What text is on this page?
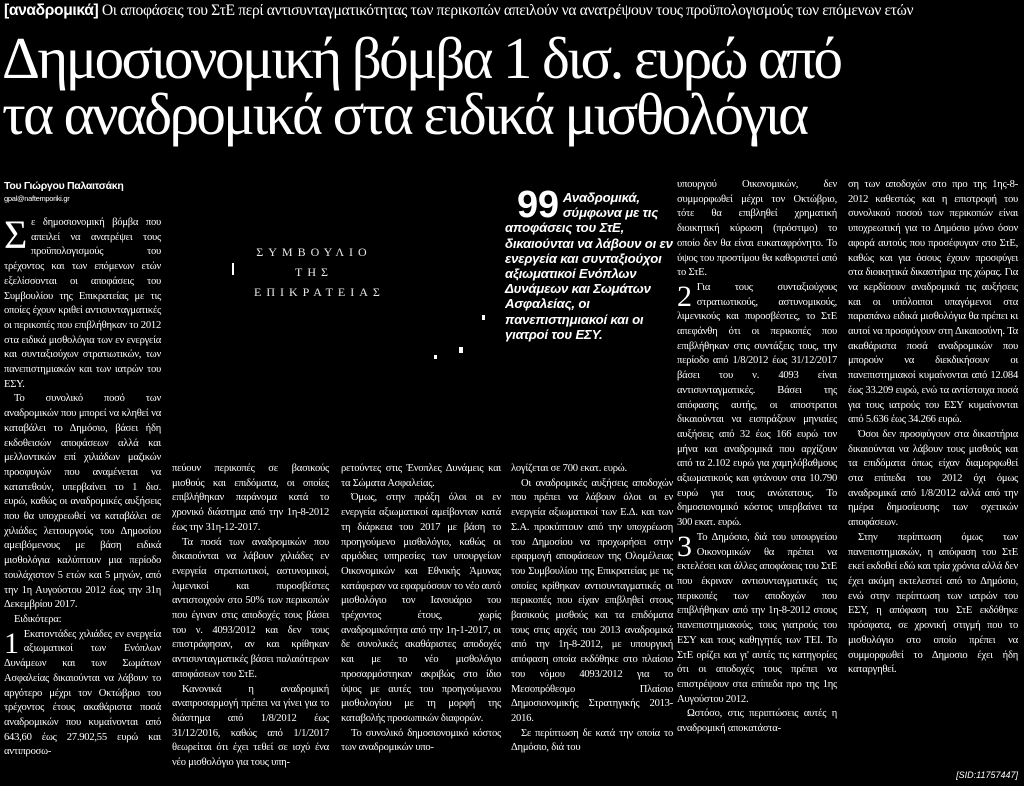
[αναδρομικά] Οι αποφάσεις του ΣτΕ περί αντισυνταγματικότητας των περικοπών απειλούν να ανατρέψουν τους προϋπολογισμούς των επόμενων ετών
Δημοσιονομική βόμβα 1 δισ. ευρώ από
τα αναδρομικά στα ειδικά μισθολόγια
Του Γιώργου Παλαιτσάκη
gpal@naftemporiki.gr
Σ ε δημοσιονομική βόμβα που απειλεί να ανατρέψει τους προϋπολογισμούς του τρέχοντος και των επόμενων ετών εξελίσσονται οι αποφάσεις του Συμβουλίου της Επικρατείας με τις οποίες έχουν κριθεί αντισυνταγματικές οι περικοπές που επιβλήθηκαν το 2012 στα ειδικά μισθολόγια των εν ενεργεία και συνταξιούχων στρατιωτικών, των πανεπιστημιακών και των ιατρών του ΕΣΥ.

Το συνολικό ποσό των αναδρομικών που μπορεί να κληθεί να καταβάλει το Δημόσιο, βάσει ήδη εκδοθεισών αποφάσεων αλλά και μελλοντικών επί χιλιάδων μαζικών προσφυγών που αναμένεται να κατατεθούν, υπερβαίνει το 1 δισ. ευρώ, καθώς οι αναδρομικές αυξήσεις που θα υποχρεωθεί να καταβάλει σε χιλιάδες λειτουργούς του Δημοσίου αμειβόμενους με βάση ειδικά μισθολόγια καλύπτουν μια περίοδο τουλάχιστον 5 ετών και 5 μηνών, από την 1η Αυγούστου 2012 έως την 31η Δεκεμβρίου 2017.

Ειδικότερα:

1 Εκατοντάδες χιλιάδες εν ενεργεία αξιωματικοί των Ενόπλων Δυνάμεων και των Σωμάτων Ασφαλείας δικαιούνται να λάβουν το αργότερο μέχρι τον Οκτώβριο του τρέχοντος έτους ακαθάριστα ποσά αναδρομικών που κυμαίνονται από 643,60 έως 27.902,55 ευρώ και αντιπροσω-

ΣΥΜΒΟΥΛΙΟ
ΤΗΣ
ΕΠΙΚΡΑΤΕΙΑΣ
99 Αναδρομικά, σύμφωνα με τις αποφάσεις του ΣτΕ, δικαιούνται να λάβουν οι εν ενεργεία και συνταξιούχοι αξιωματικοί Ενόπλων Δυνάμεων και Σωμάτων Ασφαλείας, οι πανεπιστημιακοί και οι γιατροί του ΕΣΥ.

πεύουν περικοπές σε βασικούς μισθούς και επιδόματα, οι οποίες επιβλήθηκαν παράνομα κατά το χρονικό διάστημα από την 1η-8-2012 έως την 31η-12-2017.

Τα ποσά των αναδρομικών που δικαιούνται να λάβουν χιλιάδες εν ενεργεία στρατιωτικοί, αστυνομικοί, λιμενικοί και πυροσβέστες αντιστοιχούν στο 50% των περικοπών που έγιναν στις αποδοχές τους βάσει του ν. 4093/2012 και δεν τους επιστράφησαν, αν και κρίθηκαν αντισυνταγματικές βάσει παλαιότερων αποφάσεων του ΣτΕ.

Κανονικά η αναδρομική αναπροσαρμογή πρέπει να γίνει για το διάστημα από 1/8/2012 έως 31/12/2016, καθώς από 1/1/2017 θεωρείται ότι έχει τεθεί σε ισχύ ένα νέο μισθολόγιο για τους υπη-

ρετούντες στις Ένοπλες Δυνάμεις και τα Σώματα Ασφαλείας.

Όμως, στην πράξη όλοι οι εν ενεργεία αξιωματικοί αμείβονταν κατά τη διάρκεια του 2017 με βάση το προηγούμενο μισθολόγιο, καθώς οι αρμόδιες υπηρεσίες των υπουργείων Οικονομικών και Εθνικής Άμυνας κατάφεραν να εφαρμόσουν το νέο αυτό μισθολόγιο τον Ιανουάριο του τρέχοντος έτους, χωρίς αναδρομικότητα από την 1η-1-2017, οι δε συνολικές ακαθάριστες αποδοχές και με το νέο μισθολόγιο προσαρμόστηκαν ακριβώς στο ίδιο ύψος με αυτές του προηγούμενου μισθολογίου με τη μορφή της καταβολής προσωπικών διαφορών.

Το συνολικό δημοσιονομικό κόστος των αναδρομικών υπο-

λογίζεται σε 700 εκατ. ευρώ.

Οι αναδρομικές αυξήσεις αποδοχών που πρέπει να λάβουν όλοι οι εν ενεργεία αξιωματικοί των Ε.Δ. και των Σ.Α. προκύπτουν από την υποχρέωση του Δημοσίου να προχωρήσει στην εφαρμογή αποφάσεων της Ολομέλειας του Συμβουλίου της Επικρατείας με τις οποίες κρίθηκαν αντισυνταγματικές οι περικοπές που είχαν επιβληθεί στους βασικούς μισθούς και τα επιδόματα τους στις αρχές του 2013 αναδρομικά από την 1η-8-2012, με υπουργική απόφαση οποία εκδόθηκε στο πλαίσιο του νόμου 4093/2012 για το Μεσοπρόθεσμο Πλαίσιο Δημοσιονομικής Στρατηγικής 2013-2016.

Σε περίπτωση δε κατά την οποία το Δημόσιο, διά του

υπουργού Οικονομικών, δεν συμμορφωθεί μέχρι τον Οκτώβριο, τότε θα επιβληθεί χρηματική διοικητική κύρωση (πρόστιμο) το οποίο δεν θα είναι ευκαταφρόνητο. Το ύψος του προστίμου θα καθοριστεί από το ΣτΕ.

2 Για τους συνταξιούχους στρατιωτικούς, αστυνομικούς, λιμενικούς και πυροσβέστες, το ΣτΕ απεφάνθη ότι οι περικοπές που επιβλήθηκαν στις συντάξεις τους, την περίοδο από 1/8/2012 έως 31/12/2017 βάσει του ν. 4093 είναι αντισυνταγματικές. Βάσει της απόφασης αυτής, οι αποστρατοι δικαιούνται να εισπράξουν μηνιαίες αυξήσεις από 32 έως 166 ευρώ τον μήνα και αναδρομικά που αρχίζουν από τα 2.102 ευρώ για χαμηλόβαθμους αξιωματικούς και φτάνουν στα 10.790 ευρώ για τους ανώτατους. Το δημοσιονομικό κόστος υπερβαίνει τα 300 εκατ. ευρώ.

3 Το Δημόσιο, διά του υπουργείου Οικονομικών θα πρέπει να εκτελέσει και άλλες αποφάσεις του ΣτΕ που έκριναν αντισυνταγματικές τις περικοπές των αποδοχών που επιβλήθηκαν από την 1η-8-2012 στους πανεπιστημιακούς, τους γιατρούς του ΕΣΥ και τους καθηγητές των ΤΕΙ. Το ΣτΕ ορίζει και γι' αυτές τις κατηγορίες ότι οι αποδοχές τους πρέπει να επιστρέψουν στα επίπεδα προ της 1ης Αυγούστου 2012.

Ωστόσο, στις περιπτώσεις αυτές η αναδρομική αποκατάστα-

ση των αποδοχών στο προ της 1ης-8-2012 καθεστώς και η επιστροφή του συνολικού ποσού των περικοπών είναι υποχρεωτική για το Δημόσιο μόνο όσον αφορά αυτούς που προσέφυγαν στο ΣτΕ, καθώς και για όσους έχουν προσφύγει στα διοικητικά δικαστήρια της χώρας. Για να κερδίσουν αναδρομικά τις αυξήσεις και οι υπόλοιποι υπαγόμενοι στα παραπάνω ειδικά μισθολόγια θα πρέπει κι αυτοί να προσφύγουν στη Δικαιοσύνη. Τα ακαθάριστα ποσά αναδρομικών που μπορούν να διεκδικήσουν οι πανεπιστημιακοί κυμαίνονται από 12.084 έως 33.209 ευρώ, ενώ τα αντίστοιχα ποσά για τους ιατρούς του ΕΣΥ κυμαίνονται από 5.636 έως 34.266 ευρώ.

Όσοι δεν προσφύγουν στα δικαστήρια δικαιούνται να λάβουν τους μισθούς και τα επιδόματα όπως είχαν διαμορφωθεί στα επίπεδα του 2012 όχι όμως αναδρομικά από 1/8/2012 αλλά από την ημέρα δημοσίευσης των σχετικών αποφάσεων.

Στην περίπτωση όμως των πανεπιστημιακών, η απόφαση του ΣτΕ εκεί εκδοθεί εδώ και τρία χρόνια αλλά δεν έχει ακόμη εκτελεστεί από το Δημόσιο, ενώ στην περίπτωση των ιατρών του ΕΣΥ, η απόφαση του ΣτΕ εκδόθηκε πρόσφατα, σε χρονική στιγμή που το μισθολόγιο στο οποίο πρέπει να συμμορφωθεί το Δημοσιο έχει ήδη καταργηθεί.

[SID:11757447]
